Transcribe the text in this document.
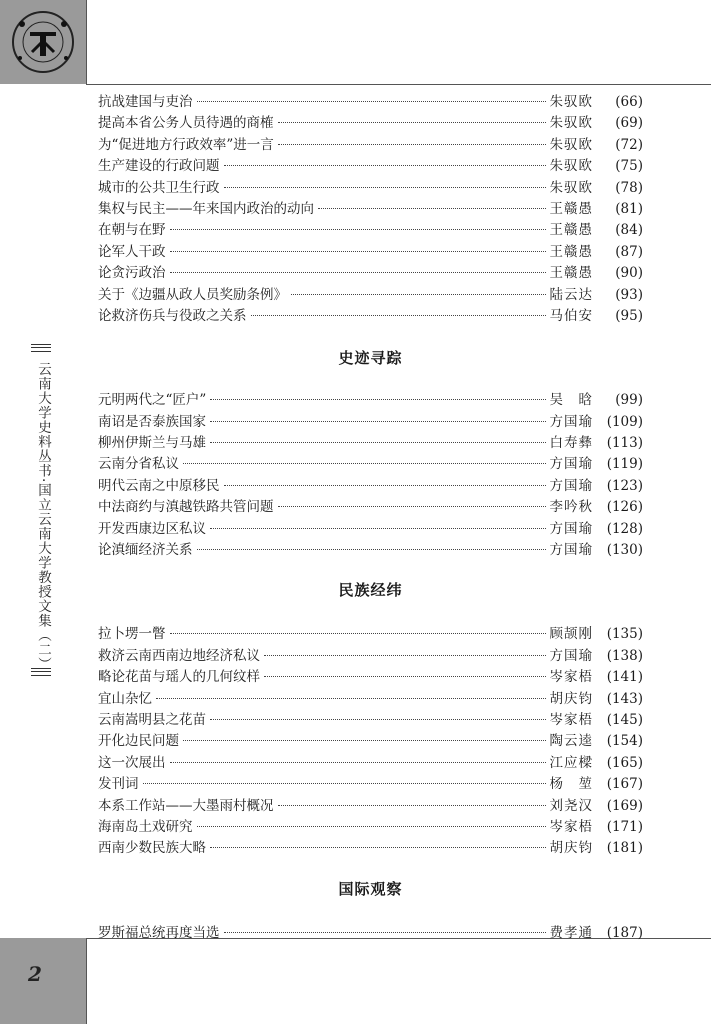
2
云南大学史料丛书·国立云南大学教授文集（二）
抗战建国与吏治	朱驭欧	(66)
提高本省公务人员待遇的商榷	朱驭欧	(69)
为“促进地方行政效率”进一言	朱驭欧	(72)
生产建设的行政问题	朱驭欧	(75)
城市的公共卫生行政	朱驭欧	(78)
集权与民主——年来国内政治的动向	王赣愚	(81)
在朝与在野	王赣愚	(84)
论军人干政	王赣愚	(87)
论贪污政治	王赣愚	(90)
关于《边疆从政人员奖励条例》	陆云达	(93)
论救济伤兵与役政之关系	马伯安	(95)
史迹寻踪
元明两代之“匠户”	吴　晗	(99)
南诏是否泰族国家	方国瑜	(109)
柳州伊斯兰与马雄	白寿彝	(113)
云南分省私议	方国瑜	(119)
明代云南之中原移民	方国瑜	(123)
中法商约与滇越铁路共管问题	李吟秋	(126)
开发西康边区私议	方国瑜	(128)
论滇缅经济关系	方国瑜	(130)
民族经纬
拉卜塄一瞥	顾颉刚	(135)
救济云南西南边地经济私议	方国瑜	(138)
略论花苗与瑶人的几何纹样	岑家梧	(141)
宜山杂忆	胡庆钧	(143)
云南嵩明县之花苗	岑家梧	(145)
开化边民问题	陶云逵	(154)
这一次展出	江应樑	(165)
发刊词	杨　堃	(167)
本系工作站——大墨雨村概况	刘尧汉	(169)
海南岛土戏研究	岑家梧	(171)
西南少数民族大略	胡庆钧	(181)
国际观察
罗斯福总统再度当选	费孝通	(187)
